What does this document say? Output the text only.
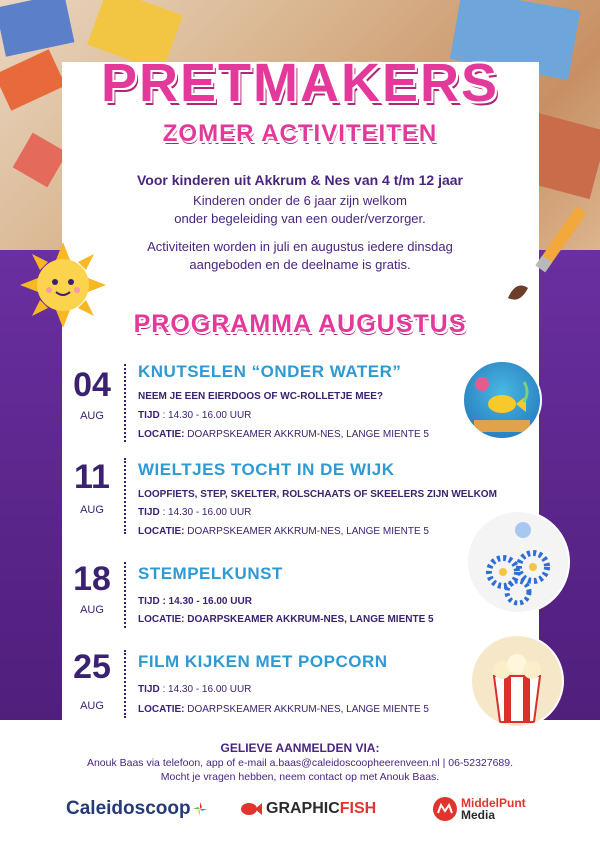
PRETMAKERS
ZOMER ACTIVITEITEN
Voor kinderen uit Akkrum & Nes van 4 t/m 12 jaar
Kinderen onder de 6 jaar zijn welkom
onder begeleiding van een ouder/verzorger.
Activiteiten worden in juli en augustus iedere dinsdag
aangeboden en de deelname is gratis.
PROGRAMMA AUGUSTUS
04
AUG
KNUTSELEN “ONDER WATER”
NEEM JE EEN EIERDOOS OF WC-ROLLETJE MEE?
TIJD : 14.30 - 16.00 UUR
LOCATIE: DOARPSKEAMER AKKRUM-NES, LANGE MIENTE 5
11
AUG
WIELTJES TOCHT IN DE WIJK
LOOPFIETS, STEP, SKELTER, ROLSCHAATS OF SKEELERS ZIJN WELKOM
TIJD : 14.30 - 16.00 UUR
LOCATIE: DOARPSKEAMER AKKRUM-NES, LANGE MIENTE 5
18
AUG
STEMPELKUNST
TIJD : 14.30 - 16.00 UUR
LOCATIE: DOARPSKEAMER AKKRUM-NES, LANGE MIENTE 5
25
AUG
FILM KIJKEN MET POPCORN
TIJD : 14.30 - 16.00 UUR
LOCATIE: DOARPSKEAMER AKKRUM-NES, LANGE MIENTE 5
GELIEVE AANMELDEN VIA:
Anouk Baas via telefoon, app of e-mail a.baas@caleidoscoopheerenveen.nl | 06-52327689.
Mocht je vragen hebben, neem contact op met Anouk Baas.
Caleidoscoop	GRAPHIC FISH	MiddelPunt
Media
